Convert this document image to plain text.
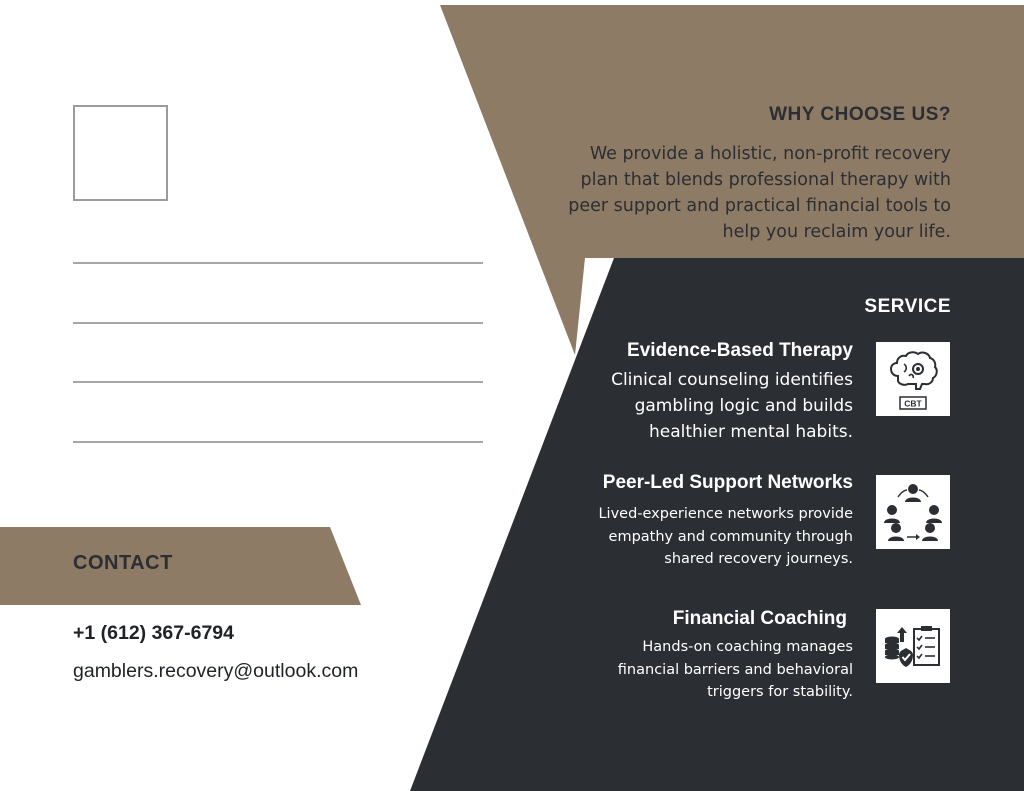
WHY CHOOSE US?
We provide a holistic, non-profit recovery
plan that blends professional therapy with
peer support and practical financial tools to
help you reclaim your life.
SERVICE
Evidence-Based Therapy
Clinical counseling identifies
gambling logic and builds
healthier mental habits.
CBT
Peer-Led Support Networks
Lived-experience networks provide
empathy and community through
shared recovery journeys.
Financial Coaching
Hands-on coaching manages
financial barriers and behavioral
triggers for stability.
CONTACT
+1 (612) 367-6794
gamblers.recovery@outlook.com
